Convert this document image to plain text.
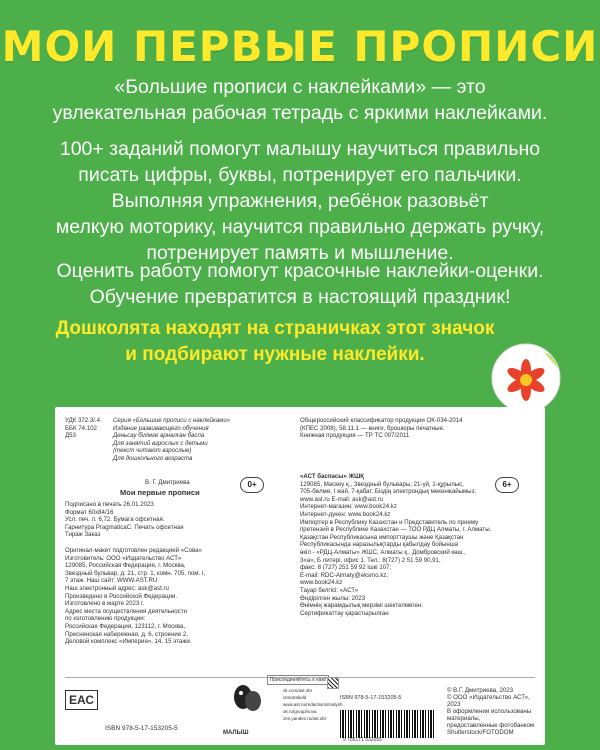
МОИ ПЕРВЫЕ ПРОПИСИ
«Большие прописи с наклейками» — это
увлекательная рабочая тетрадь с яркими наклейками.
100+ заданий помогут малышу научиться правильно
писать цифры, буквы, потренирует его пальчики.
Выполняя упражнения, ребёнок разовьёт
мелкую моторику, научится правильно держать ручку,
потренирует память и мышление.
Оценить работу помогут красочные наклейки-оценки.
Обучение превратится в настоящий праздник!
Дошколята находят на страничках этот значок
и подбирают нужные наклейки.
УДК 372.3/.4
ББК 74.102
Д53
Серия «Большие прописи с наклейками»
Издание развивающего обучения
Деньсау білімге арналған баспа
Для занятий взрослых с детьми
(текст читают взрослые)
Для дошкольного возраста
Общероссийский классификатор продукции ОК-034-2014
(КПЕС 2008), 58.11.1 — книги, брошюры печатные.
Книжная продукция — ТР ТС 007/2011
В. Г. Дмитриева
Мои первые прописи
0+	6+
Подписано в печать 26.01.2023
Формат 60x84/16
Усл. печ. л. 6,72. Бумага офсетная.
Гарнитура PragmaticaC. Печать офсетная
Тираж Заказ
Оригинал-макет подготовлен редакцией «Сова»
Изготовитель: ООО «Издательство АСТ»
129085, Российская Федерация, г. Москва,
Звездный бульвар, д. 21, стр. 1, комн. 705, пом. I,
7 этаж. Наш сайт: WWW.AST.RU
Наш электронный адрес: ask@ast.ru
Произведено в Российской Федерации.
Изготовлено в марте 2023 г.
Адрес места осуществления деятельности
по изготовлению продукции:
Российская Федерация, 123112, г. Москва,
Пресненская набережная, д. 6, строение 2.
Деловой комплекс «Империя», 14, 15 этажи.
«АСТ баспасы» ЖШҚ
129085, Мәскеу қ., Звездный бульвары, 21-үй, 1-құрылыс,
705-бөлме, I жай, 7-қабат. Біздің электрондық мекенжайымыз:
www.ast.ru E-mail: ask@ast.ru
Интернет-магазин: www.book24.kz
Интернет-дүкен: www.book24.kz
Импортер в Республику Казахстан и Представитель по приему
претензий в Республике Казахстан — ТОО РДЦ Алматы, г. Алматы.
Қазақстан Республикасына импорттаушы және Қазақстан
Республикасында наразылықтарды қабылдау бойынша
өкіл - «РДЦ-Алматы» ЖШС, Алматы қ., Домбровский көш.,
3«а», Б литері, офис 1. Тел.: 8(727) 2 51 59 90,91,
факс: 8 (727) 251 59 92 ішкі 107;
E-mail: RDC-Almaty@eksmo.kz,
www.book24.kz
Тауар белгісі: «АСТ»
Өндірілген жылы: 2023
Өнімнің жарамдылық мерзімі шектелмеген.
Сертификаттау қарастырылған
ЕАС
ISBN 978-5-17-153205-5
МАЛЫШ
Присоединяйтесь к нам!
vk.com/ast.obr
/smartakidd
www.ast.ru/redactions/malysh
ok.ru/group/sova
zen.yandex.ru/ast.obr
ISBN 978-5-17-153205-5
9 785171 532055
© В.Г. Дмитриева, 2023
© ООО «Издательство АСТ», 2023
В оформлении использованы материалы,
предоставленные фотобанком
Shutterstock/FOTODOM
